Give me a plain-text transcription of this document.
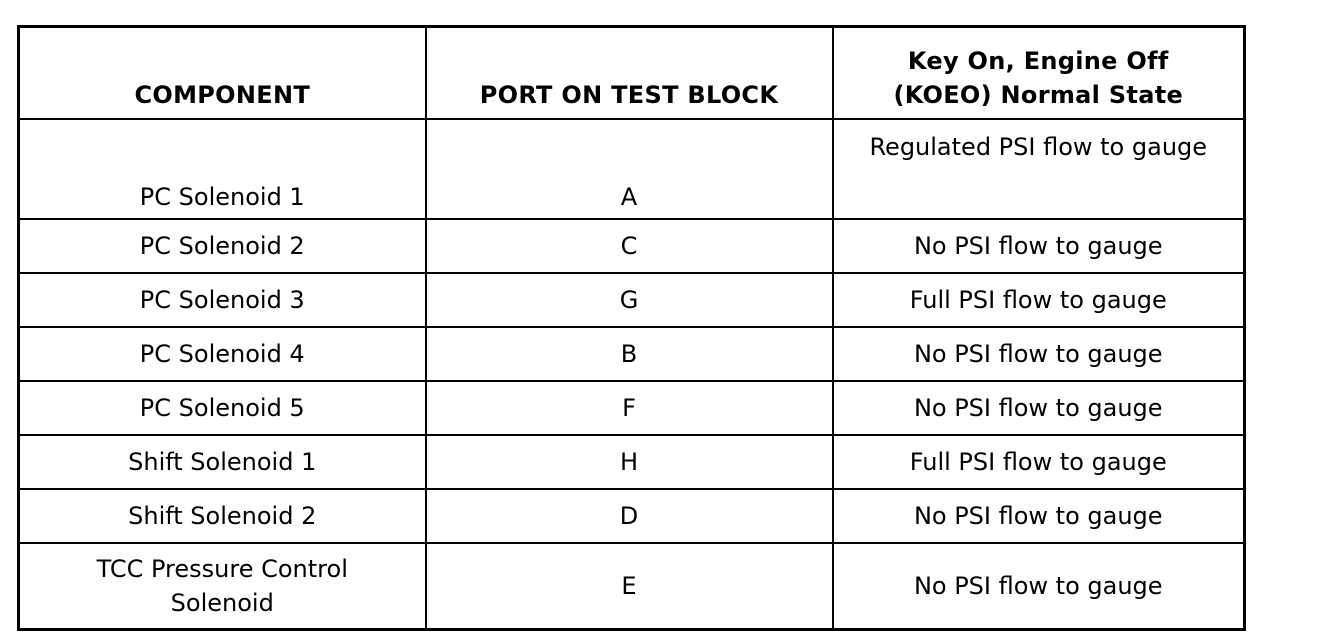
COMPONENT	PORT ON TEST BLOCK	Key On, Engine Off
(KOEO) Normal State
PC Solenoid 1	A	Regulated PSI flow to gauge
PC Solenoid 2	C	No PSI flow to gauge
PC Solenoid 3	G	Full PSI flow to gauge
PC Solenoid 4	B	No PSI flow to gauge
PC Solenoid 5	F	No PSI flow to gauge
Shift Solenoid 1	H	Full PSI flow to gauge
Shift Solenoid 2	D	No PSI flow to gauge
TCC Pressure Control
Solenoid	E	No PSI flow to gauge
